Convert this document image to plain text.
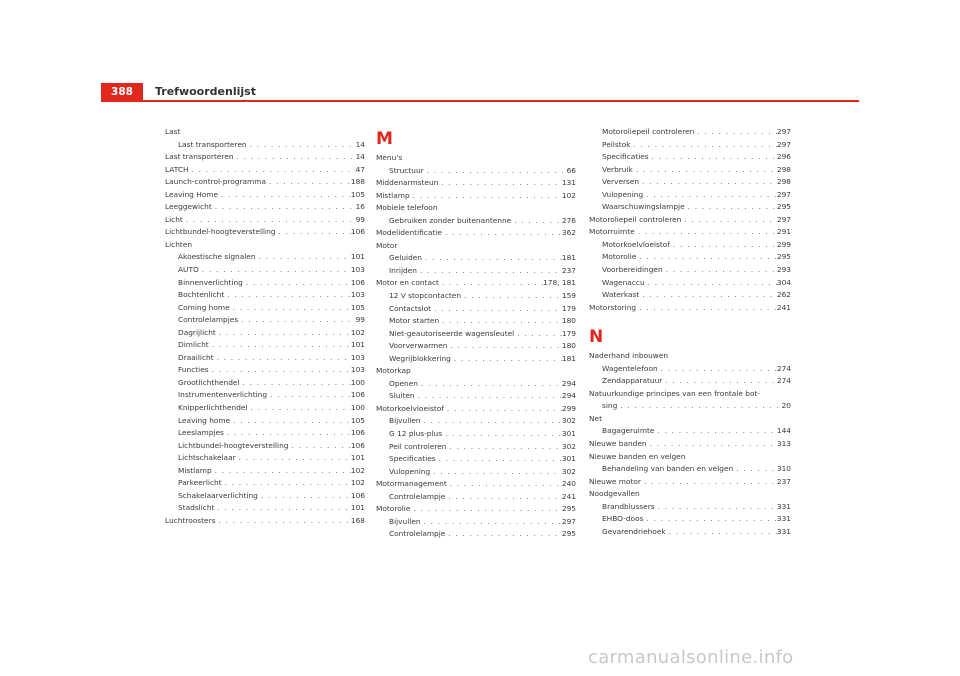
388	Trefwoordenlijst
Last
Last transporteren . . .	14
Last transporteren . . .	14
LATCH . . .	47
Launch-control-programma . . .	188
Leaving Home . . .	105
Leeggewicht . . .	16
Licht . . .	99
Lichtbundel-hoogteverstelling . . .	106
Lichten
Akoestische signalen . . .	101
AUTO . . .	103
Binnenverlichting . . .	106
Bochtenlicht . . .	103
Coming home . . .	105
Controlelampjes . . .	99
Dagrijlicht . . .	102
Dimlicht . . .	101
Draailicht . . .	103
Functies . . .	103
Grootlichthendel . . .	100
Instrumentenverlichting . . .	106
Knipperlichthendel . . .	100
Leaving home . . .	105
Leeslampjes . . .	106
Lichtbundel-hoogteverstelling . . .	106
Lichtschakelaar . . .	101
Mistlamp . . .	102
Parkeerlicht . . .	102
Schakelaarverlichting . . .	106
Stadslicht . . .	101
Luchtroosters . . .	168
M
Menu's
Structuur . . .	66
Middenarmsteun . . .	131
Mistlamp . . .	102
Mobiele telefoon
Gebruiken zonder buitenantenne . . .	276
Modelidentificatie . . .	362
Motor
Geluiden . . .	181
Inrijden . . .	237
Motor en contact . . .	178, 181
12 V stopcontacten . . .	159
Contactslot . . .	179
Motor starten . . .	180
Niet-geautoriseerde wagensleutel . . .	179
Voorverwarmen . . .	180
Wegrijblokkering . . .	181
Motorkap
Openen . . .	294
Sluiten . . .	294
Motorkoelvloeistof . . .	299
Bijvullen . . .	302
G 12 plus-plus . . .	301
Peil controleren . . .	302
Specificaties . . .	301
Vulopening . . .	302
Motormanagement . . .	240
Controlelampje . . .	241
Motorolie . . .	295
Bijvullen . . .	297
Controlelampje . . .	295
Motoroliepeil controleren . . .	297
Peilstok . . .	297
Specificaties . . .	296
Verbruik . . .	298
Verversen . . .	298
Vulopening . . .	297
Waarschuwingslampje . . .	295
Motoroliepeil controleren . . .	297
Motorruimte . . .	291
Motorkoelvloeistof . . .	299
Motorolie . . .	295
Voorbereidingen . . .	293
Wagenaccu . . .	304
Waterkast . . .	262
Motorstoring . . .	241
N
Naderhand inbouwen
Wagentelefoon . . .	274
Zendapparatuur . . .	274
Natuurkundige principes van een frontale bot-
sing . . .	20
Net
Bagageruimte . . .	144
Nieuwe banden . . .	313
Nieuwe banden en velgen
Behandeling van banden en velgen . . .	310
Nieuwe motor . . .	237
Noodgevallen
Brandblussers . . .	331
EHBO-doos . . .	331
Gevarendriehoek . . .	331
carmanualsonline.info
